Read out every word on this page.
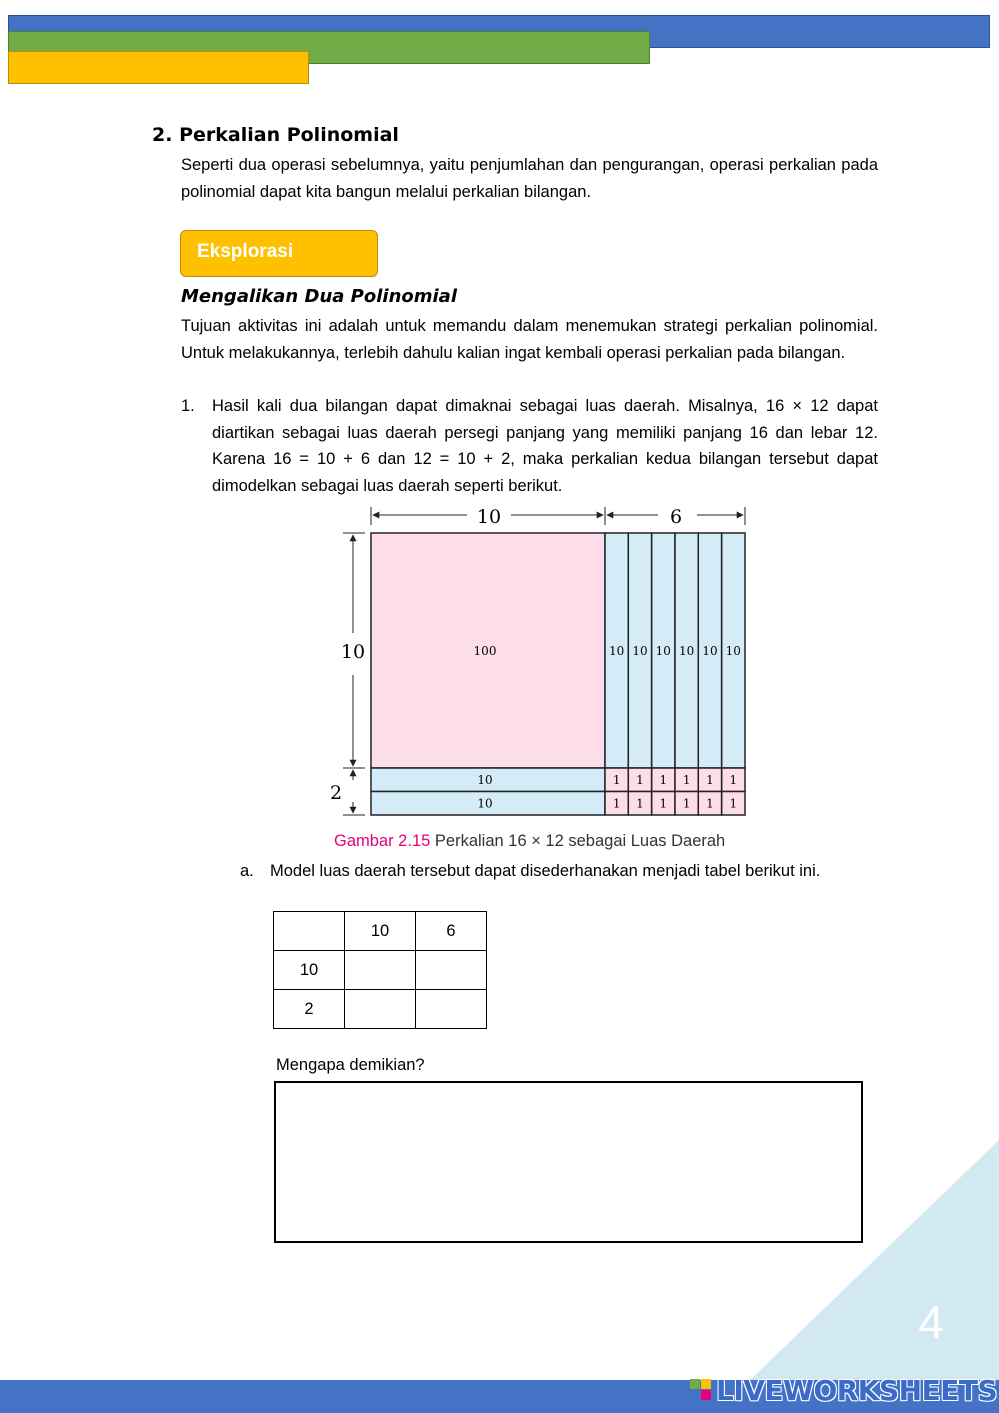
4
2. Perkalian Polinomial
Seperti dua operasi sebelumnya, yaitu penjumlahan dan pengurangan, operasi perkalian pada polinomial dapat kita bangun melalui perkalian bilangan.
Eksplorasi
Mengalikan Dua Polinomial
Tujuan aktivitas ini adalah untuk memandu dalam menemukan strategi perkalian polinomial. Untuk melakukannya, terlebih dahulu kalian ingat kembali operasi perkalian pada bilangan.
1. Hasil kali dua bilangan dapat dimaknai sebagai luas daerah. Misalnya, 16 × 12 dapat diartikan sebagai luas daerah persegi panjang yang memiliki panjang 16 dan lebar 12. Karena 16 = 10 + 6 dan 12 = 10 + 2, maka perkalian kedua bilangan tersebut dapat dimodelkan sebagai luas daerah seperti berikut.
10	6
10
2
100	10 10 10 10 10 10
10
10
1 1 1 1 1 1
1 1 1 1 1 1
Gambar 2.15 Perkalian 16 × 12 sebagai Luas Daerah
a. Model luas daerah tersebut dapat disederhanakan menjadi tabel berikut ini.
	10	6
10		
2		
Mengapa demikian?
LIVEWORKSHEETS
